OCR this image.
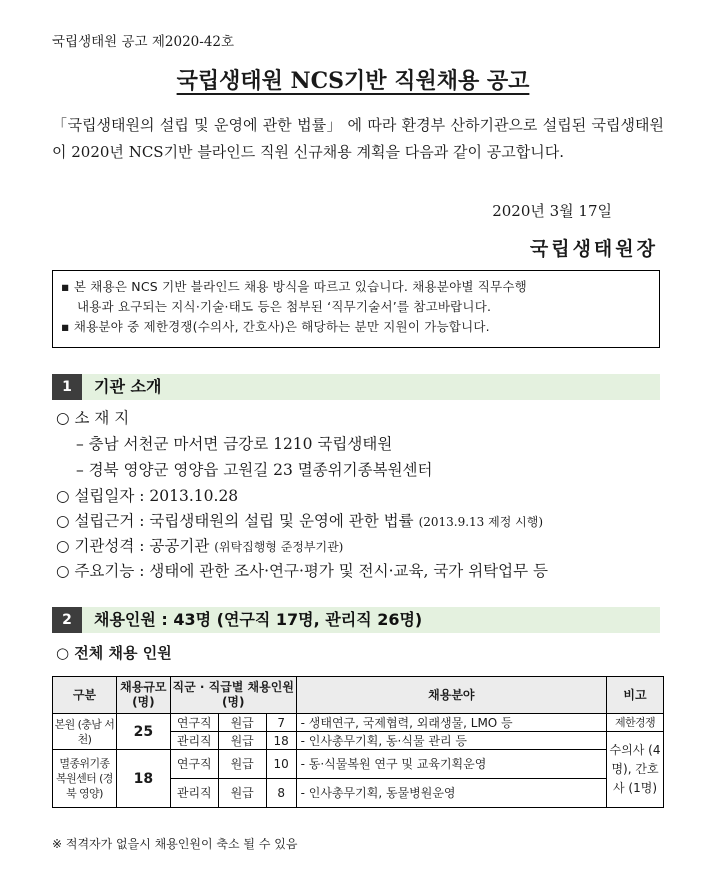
국립생태원 공고 제2020-42호
국립생태원 NCS기반 직원채용 공고
「국립생태원의 설립 및 운영에 관한 법률」 에 따라 환경부 산하기관으로 설립된 국립생태원이 2020년 NCS기반 블라인드 직원 신규채용 계획을 다음과 같이 공고합니다.
2020년 3월 17일
국립생태원장
▪ 본 채용은 NCS 기반 블라인드 채용 방식을 따르고 있습니다. 채용분야별 직무수행
내용과 요구되는 지식·기술·태도 등은 첨부된 ‘직무기술서’를 참고바랍니다.
▪ 채용분야 중 제한경쟁(수의사, 간호사)은 해당하는 분만 지원이 가능합니다.
1	기관 소개
○ 소 재 지
– 충남 서천군 마서면 금강로 1210 국립생태원
– 경북 영양군 영양읍 고원길 23 멸종위기종복원센터
○ 설립일자 : 2013.10.28
○ 설립근거 : 국립생태원의 설립 및 운영에 관한 법률 (2013.9.13 제정 시행)
○ 기관성격 : 공공기관 (위탁집행형 준정부기관)
○ 주요기능 : 생태에 관한 조사·연구·평가 및 전시·교육, 국가 위탁업무 등
2	채용인원 : 43명 (연구직 17명, 관리직 26명)
○ 전체 채용 인원
구분	채용규모 (명)	직군 · 직급별 채용인원(명)			채용분야	비고
본원 (충남 서천)	25	연구직	원급	7	- 생태연구, 국제협력, 외래생물, LMO 등	제한경쟁
		관리직	원급	18	- 인사총무기획, 동·식물 관리 등	수의사 (4명), 간호사 (1명)
멸종위기종 복원센터 (경북 영양)	18	연구직	원급	10	- 동·식물복원 연구 및 교육기획운영	
		관리직	원급	8	- 인사총무기획, 동물병원운영	
※ 적격자가 없을시 채용인원이 축소 될 수 있음
